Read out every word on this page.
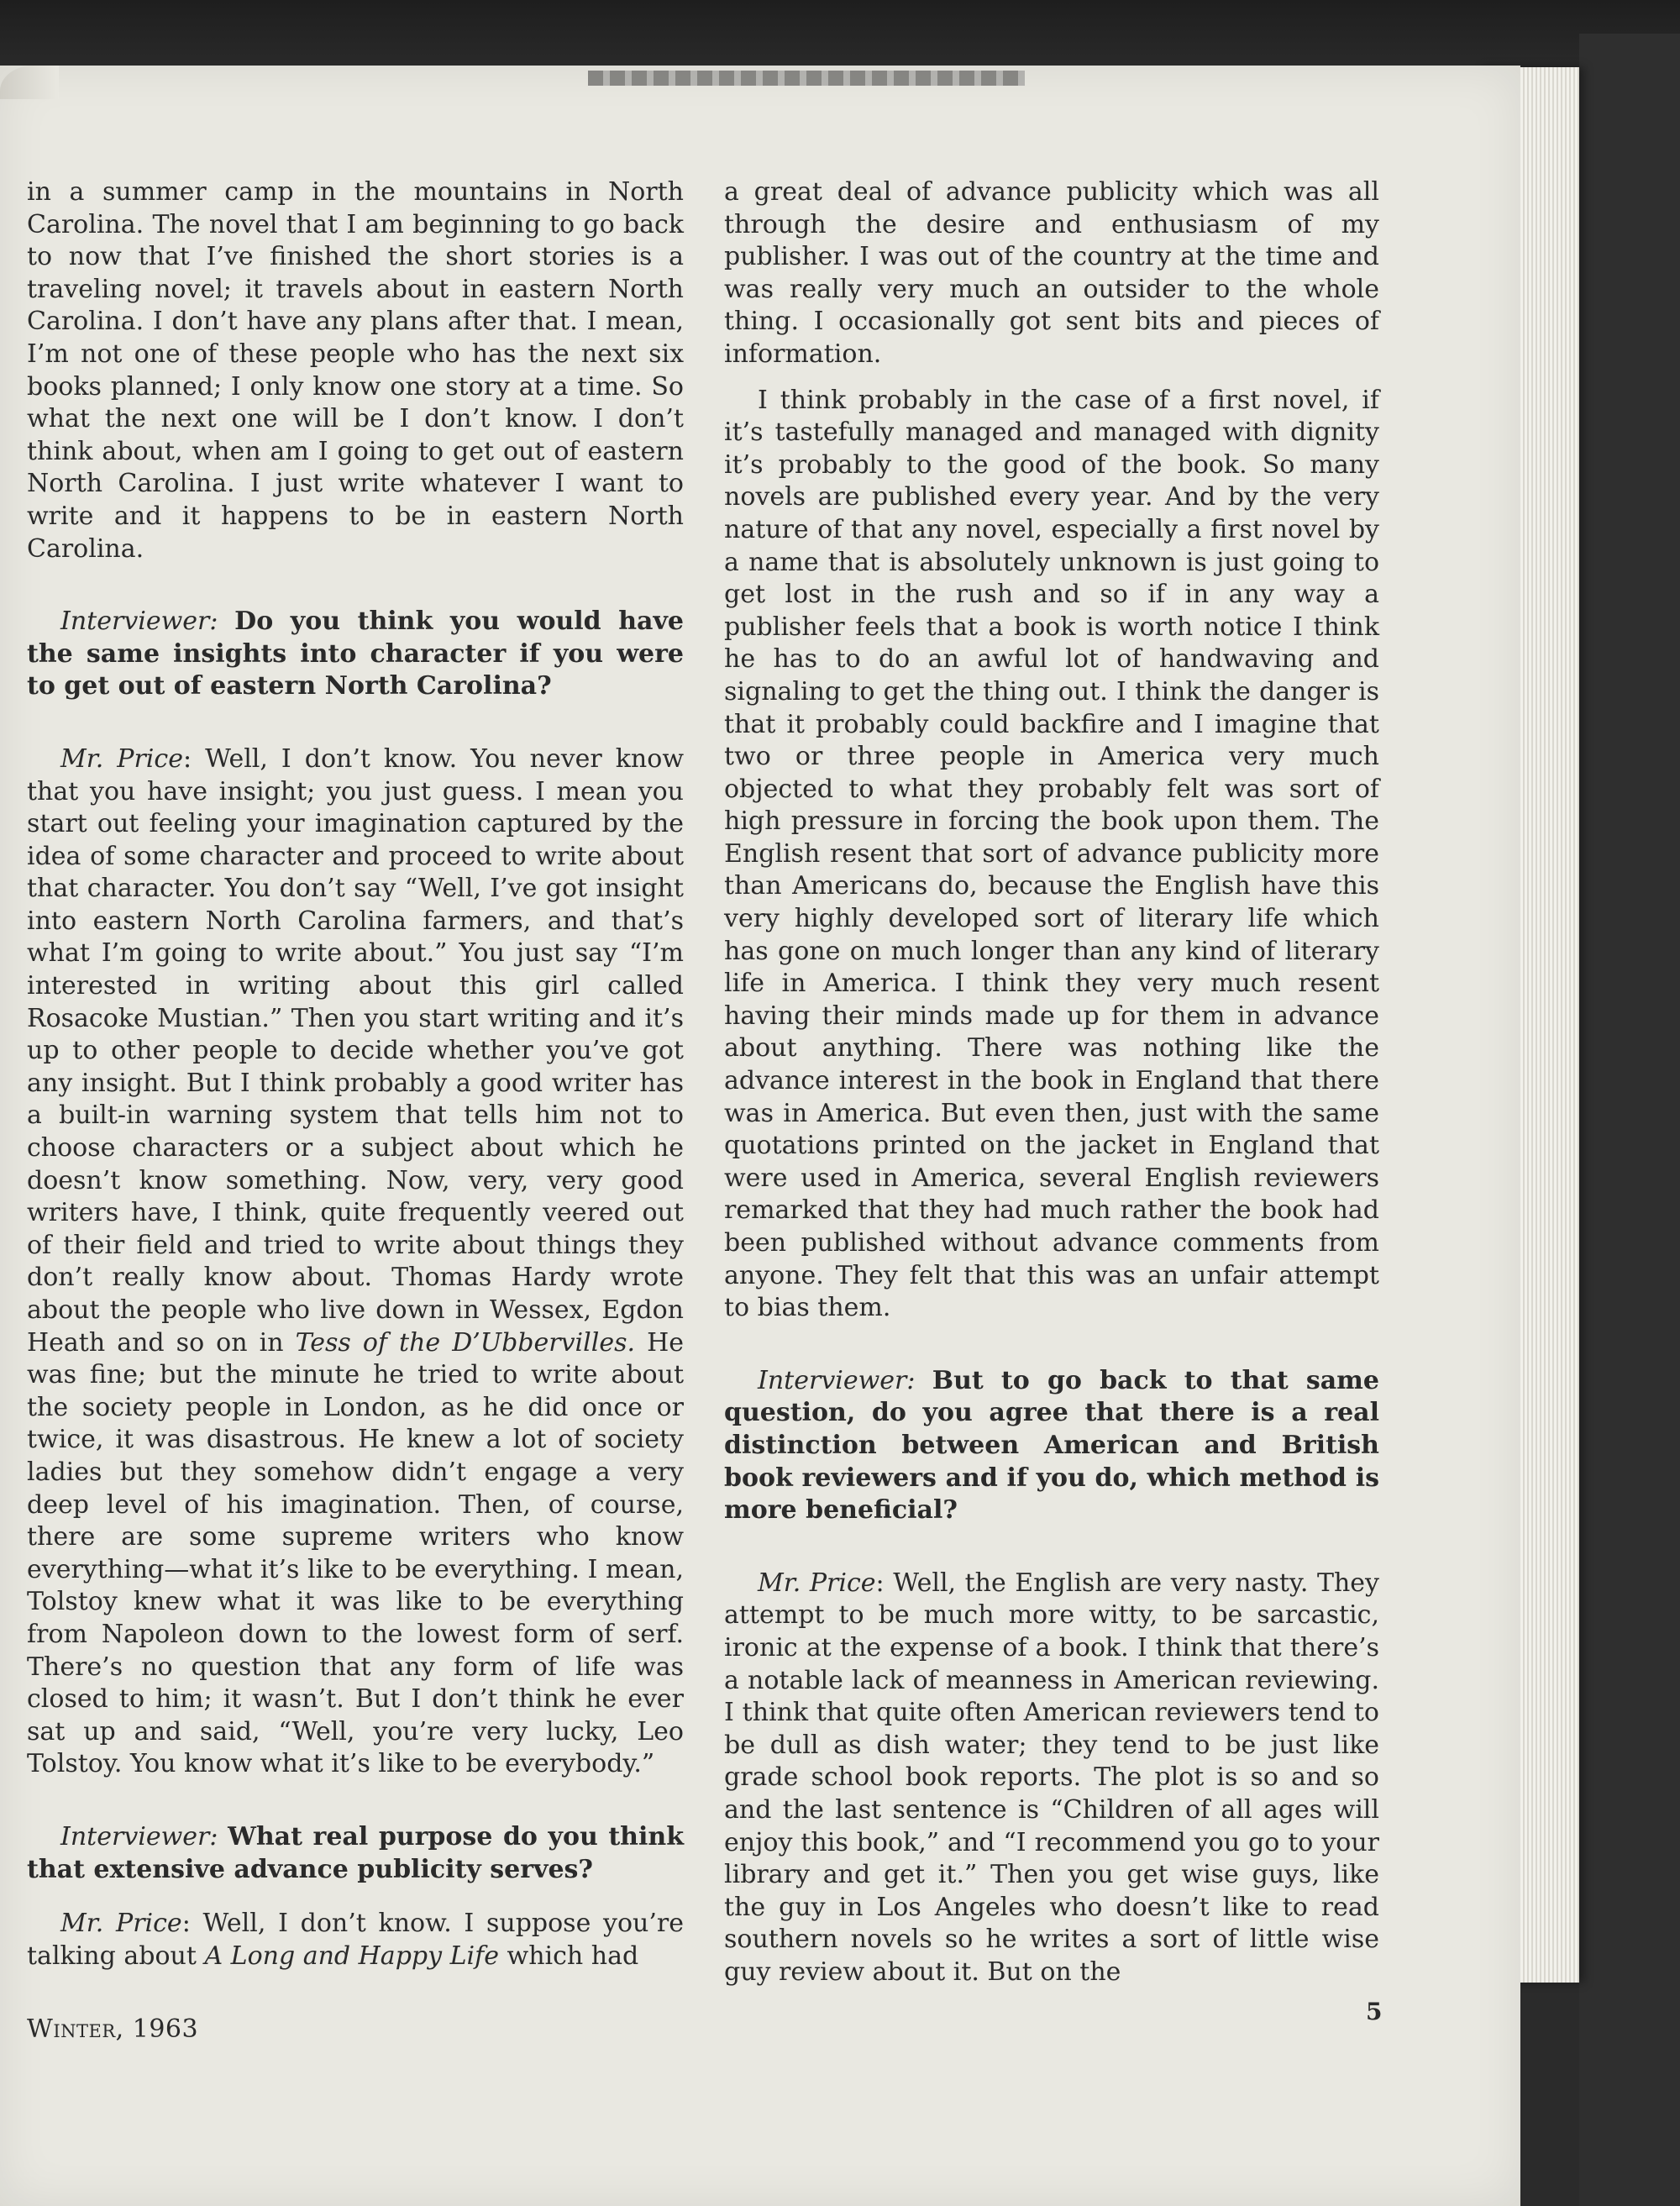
in a summer camp in the mountains in North Carolina. The novel that I am beginning to go back to now that I’ve finished the short stories is a traveling novel; it travels about in eastern North Carolina. I don’t have any plans after that. I mean, I’m not one of these people who has the next six books planned; I only know one story at a time. So what the next one will be I don’t know. I don’t think about, when am I going to get out of eastern North Carolina. I just write whatever I want to write and it happens to be in eastern North Carolina.

Interviewer: Do you think you would have the same insights into character if you were to get out of eastern North Carolina?

Mr. Price: Well, I don’t know. You never know that you have insight; you just guess. I mean you start out feeling your imagination captured by the idea of some character and proceed to write about that character. You don’t say “Well, I’ve got insight into eastern North Carolina farmers, and that’s what I’m going to write about.” You just say “I’m interested in writing about this girl called Rosacoke Mustian.” Then you start writing and it’s up to other people to decide whether you’ve got any insight. But I think probably a good writer has a built-in warning system that tells him not to choose characters or a subject about which he doesn’t know something. Now, very, very good writers have, I think, quite frequently veered out of their field and tried to write about things they don’t really know about. Thomas Hardy wrote about the people who live down in Wessex, Egdon Heath and so on in Tess of the D’Ubbervilles. He was fine; but the minute he tried to write about the society people in London, as he did once or twice, it was disastrous. He knew a lot of society ladies but they somehow didn’t engage a very deep level of his imagination. Then, of course, there are some supreme writers who know everything—what it’s like to be everything. I mean, Tolstoy knew what it was like to be everything from Napoleon down to the lowest form of serf. There’s no question that any form of life was closed to him; it wasn’t. But I don’t think he ever sat up and said, “Well, you’re very lucky, Leo Tolstoy. You know what it’s like to be everybody.”

Interviewer: What real purpose do you think that extensive advance publicity serves?

Mr. Price: Well, I don’t know. I suppose you’re talking about A Long and Happy Life which had

a great deal of advance publicity which was all through the desire and enthusiasm of my publisher. I was out of the country at the time and was really very much an outsider to the whole thing. I occasionally got sent bits and pieces of information.

I think probably in the case of a first novel, if it’s tastefully managed and managed with dignity it’s probably to the good of the book. So many novels are published every year. And by the very nature of that any novel, especially a first novel by a name that is absolutely unknown is just going to get lost in the rush and so if in any way a publisher feels that a book is worth notice I think he has to do an awful lot of handwaving and signaling to get the thing out. I think the danger is that it probably could backfire and I imagine that two or three people in America very much objected to what they probably felt was sort of high pressure in forcing the book upon them. The English resent that sort of advance publicity more than Americans do, because the English have this very highly developed sort of literary life which has gone on much longer than any kind of literary life in America. I think they very much resent having their minds made up for them in advance about anything. There was nothing like the advance interest in the book in England that there was in America. But even then, just with the same quotations printed on the jacket in England that were used in America, several English reviewers remarked that they had much rather the book had been published without advance comments from anyone. They felt that this was an unfair attempt to bias them.

Interviewer: But to go back to that same question, do you agree that there is a real distinction between American and British book reviewers and if you do, which method is more beneficial?

Mr. Price: Well, the English are very nasty. They attempt to be much more witty, to be sarcastic, ironic at the expense of a book. I think that there’s a notable lack of meanness in American reviewing. I think that quite often American reviewers tend to be dull as dish water; they tend to be just like grade school book reports. The plot is so and so and the last sentence is “Children of all ages will enjoy this book,” and “I recommend you go to your library and get it.” Then you get wise guys, like the guy in Los Angeles who doesn’t like to read southern novels so he writes a sort of little wise guy review about it. But on the

Winter, 1963
5
